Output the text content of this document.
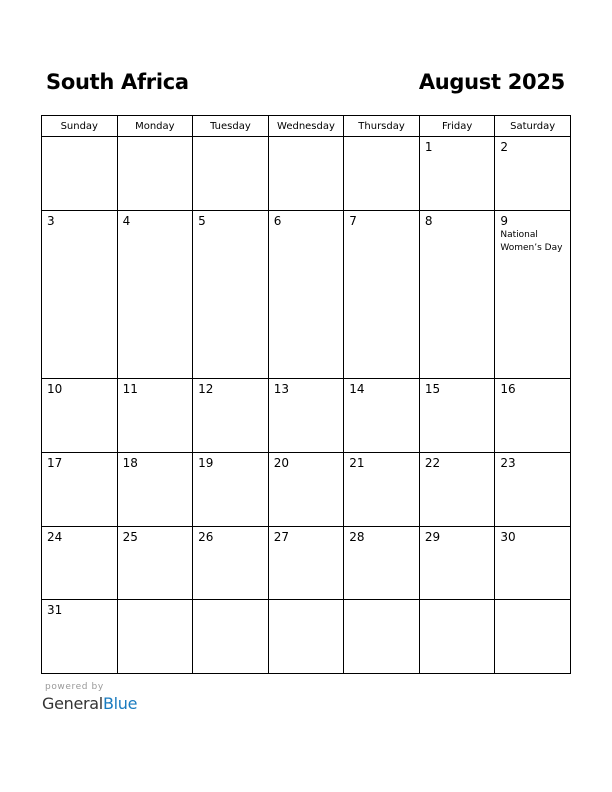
South Africa	August 2025
Sunday	Monday	Tuesday	Wednesday	Thursday	Friday	Saturday

					1	2

3	4	5	6	7	8	9
National Women’s Day

10	11	12	13	14	15	16

17	18	19	20	21	22	23

24	25	26	27	28	29	30

31						

powered by
GeneralBlue
